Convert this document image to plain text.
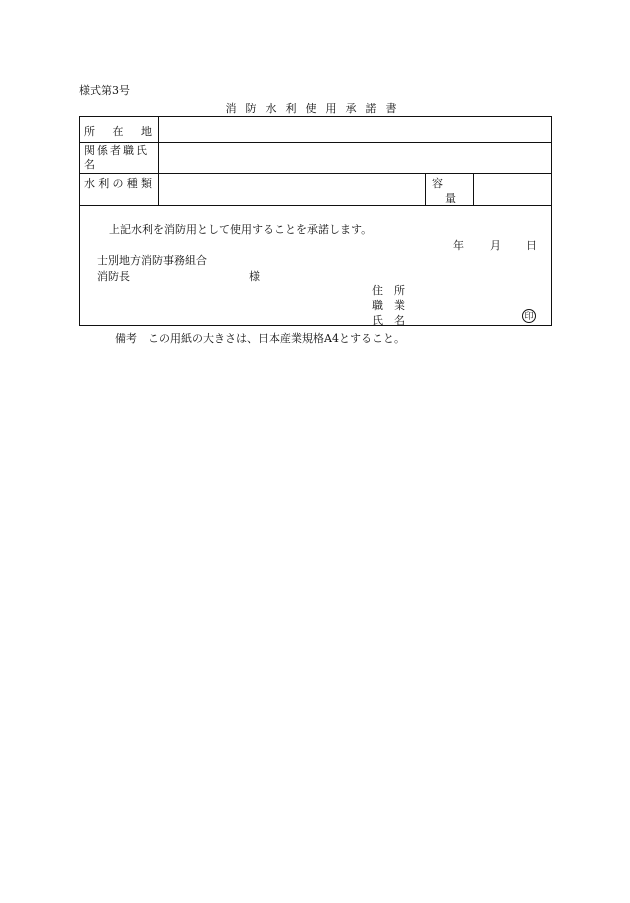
様式第3号
消防水利使用承諾書
所 在 地
関係者職氏名
水 利 の 種 類	容
量
上記水利を消防用として使用することを承諾します。
年 月 日
士別地方消防事務組合
消防長	様
住　所
職　業
氏　名	印
備考　この用紙の大きさは、日本産業規格A4とすること。
